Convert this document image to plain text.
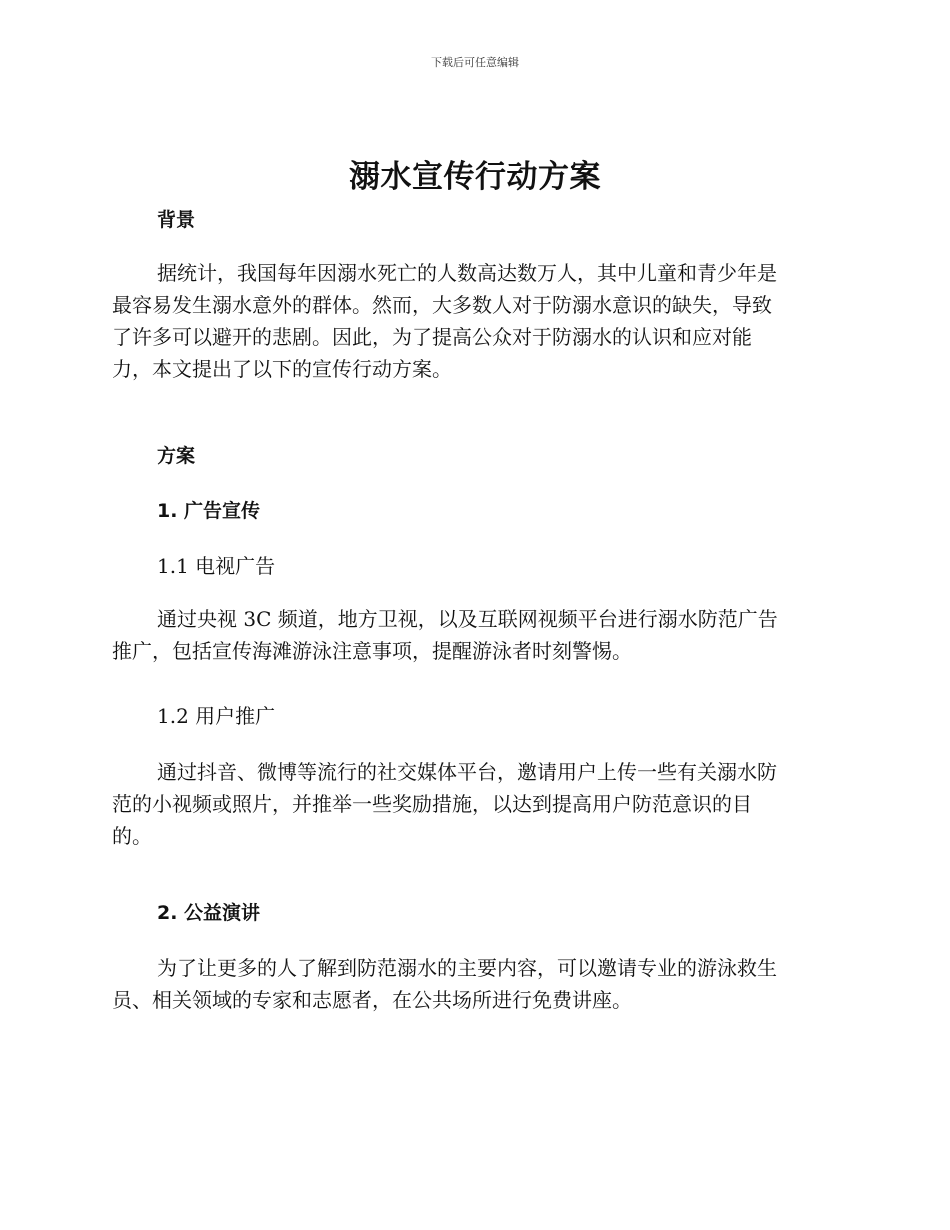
下载后可任意编辑
溺水宣传行动方案
背景
据统计，我国每年因溺水死亡的人数高达数万人，其中儿童和青少年是
最容易发生溺水意外的群体。然而，大多数人对于防溺水意识的缺失，导致
了许多可以避开的悲剧。因此，为了提高公众对于防溺水的认识和应对能
力，本文提出了以下的宣传行动方案。
方案
1. 广告宣传
1.1 电视广告
通过央视 3C 频道，地方卫视，以及互联网视频平台进行溺水防范广告
推广，包括宣传海滩游泳注意事项，提醒游泳者时刻警惕。
1.2 用户推广
通过抖音、微博等流行的社交媒体平台，邀请用户上传一些有关溺水防
范的小视频或照片，并推举一些奖励措施，以达到提高用户防范意识的目
的。
2. 公益演讲
为了让更多的人了解到防范溺水的主要内容，可以邀请专业的游泳救生
员、相关领域的专家和志愿者，在公共场所进行免费讲座。
